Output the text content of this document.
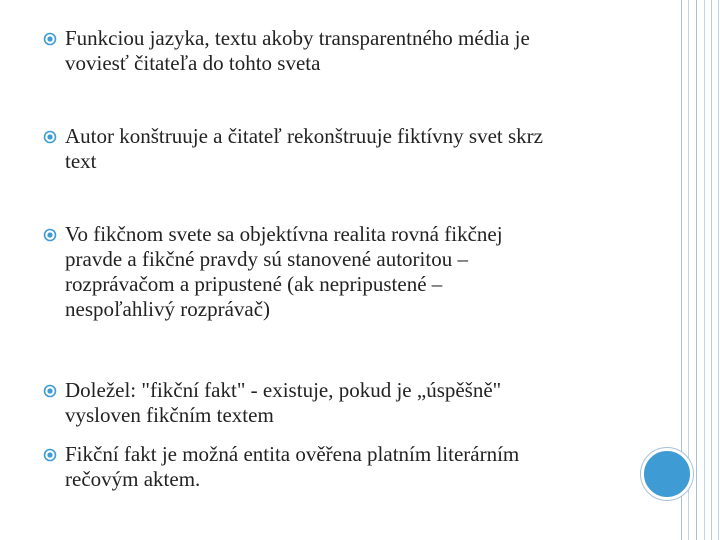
Funkciou jazyka, textu akoby transparentného média je
voviesť čitateľa do tohto sveta
Autor konštruuje a čitateľ rekonštruuje fiktívny svet skrz
text
Vo fikčnom svete sa objektívna realita rovná fikčnej
pravde a fikčné pravdy sú stanovené autoritou –
rozprávačom a pripustené (ak nepripustené –
nespoľahlivý rozprávač)
Doležel: "fikční fakt" - existuje, pokud je „úspěšně"
vysloven fikčním textem
Fikční fakt je možná entita ověřena platním literárním
rečovým aktem.
